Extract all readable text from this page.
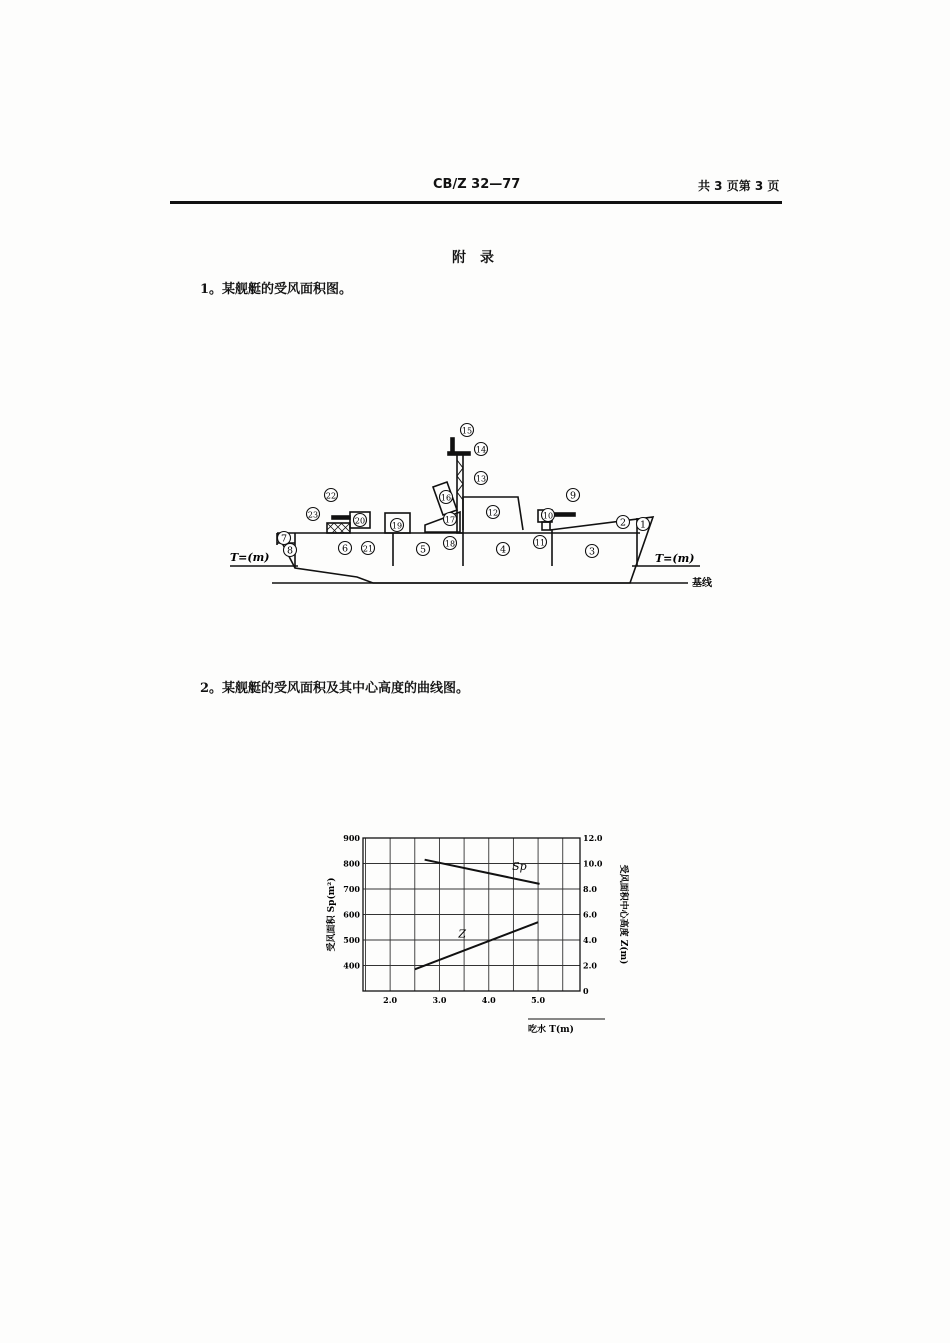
CB/Z 32—77	共 3 页第 3 页
附　录
1。某舰艇的受风面积图。
1
2
3
4
5
6
7
8
9
10
11
12
13
14
15
16
17
18
19
20
21
22
23
T=(m)	T=(m)
基线
2。某舰艇的受风面积及其中心高度的曲线图。
2.0	3.0	4.0	5.0
900
800
700
600
500
400
12.0
10.0
8.0
6.0
4.0
2.0
0
Sp
Z
受风面积 Sp(m²)	受风面积中心高度 Z(m)
吃水 T(m)
